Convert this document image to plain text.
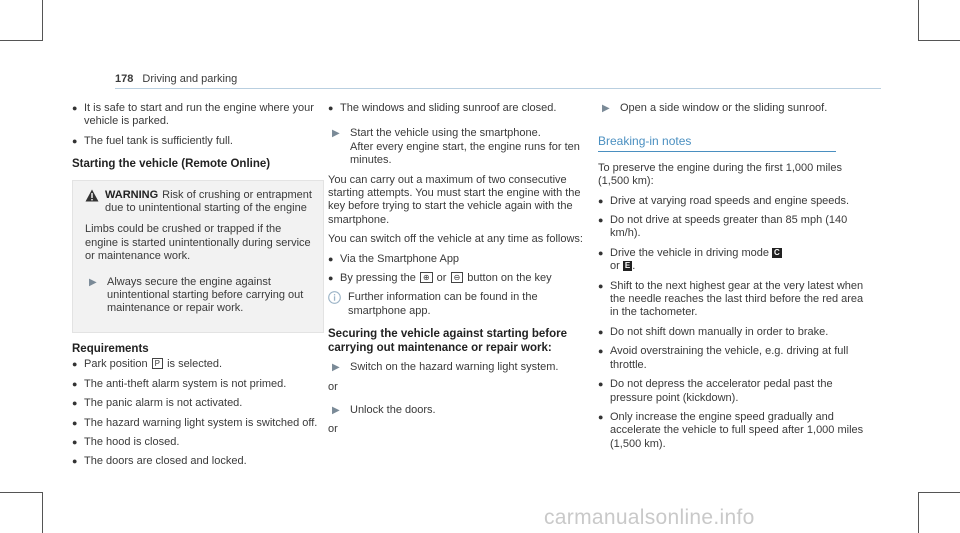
178 Driving and parking
● It is safe to start and run the engine where your vehicle is parked.
● The fuel tank is sufficiently full.
Starting the vehicle (Remote Online)
WARNING Risk of crushing or entrapment due to unintentional starting of the engine
Limbs could be crushed or trapped if the engine is started unintentionally during service or maintenance work.
▶ Always secure the engine against unintentional starting before carrying out maintenance or repair work.
Requirements
● Park position P is selected.
● The anti-theft alarm system is not primed.
● The panic alarm is not activated.
● The hazard warning light system is switched off.
● The hood is closed.
● The doors are closed and locked.
● The windows and sliding sunroof are closed.
▶ Start the vehicle using the smartphone.
After every engine start, the engine runs for ten minutes.
You can carry out a maximum of two consecutive starting attempts. You must start the engine with the key before trying to start the vehicle again with the smartphone.
You can switch off the vehicle at any time as follows:
● Via the Smartphone App
● By pressing the ⊕ or ⊖ button on the key
Further information can be found in the smartphone app.
Securing the vehicle against starting before carrying out maintenance or repair work:
▶ Switch on the hazard warning light system.
or
▶ Unlock the doors.
or
▶ Open a side window or the sliding sunroof.
Breaking-in notes
To preserve the engine during the first 1,000 miles (1,500 km):
● Drive at varying road speeds and engine speeds.
● Do not drive at speeds greater than 85 mph (140 km/h).
● Drive the vehicle in driving mode C
or E .
● Shift to the next highest gear at the very latest when the needle reaches the last third before the red area in the tachometer.
● Do not shift down manually in order to brake.
● Avoid overstraining the vehicle, e.g. driving at full throttle.
● Do not depress the accelerator pedal past the pressure point (kickdown).
● Only increase the engine speed gradually and accelerate the vehicle to full speed after 1,000 miles (1,500 km).
carmanualsonline.info
